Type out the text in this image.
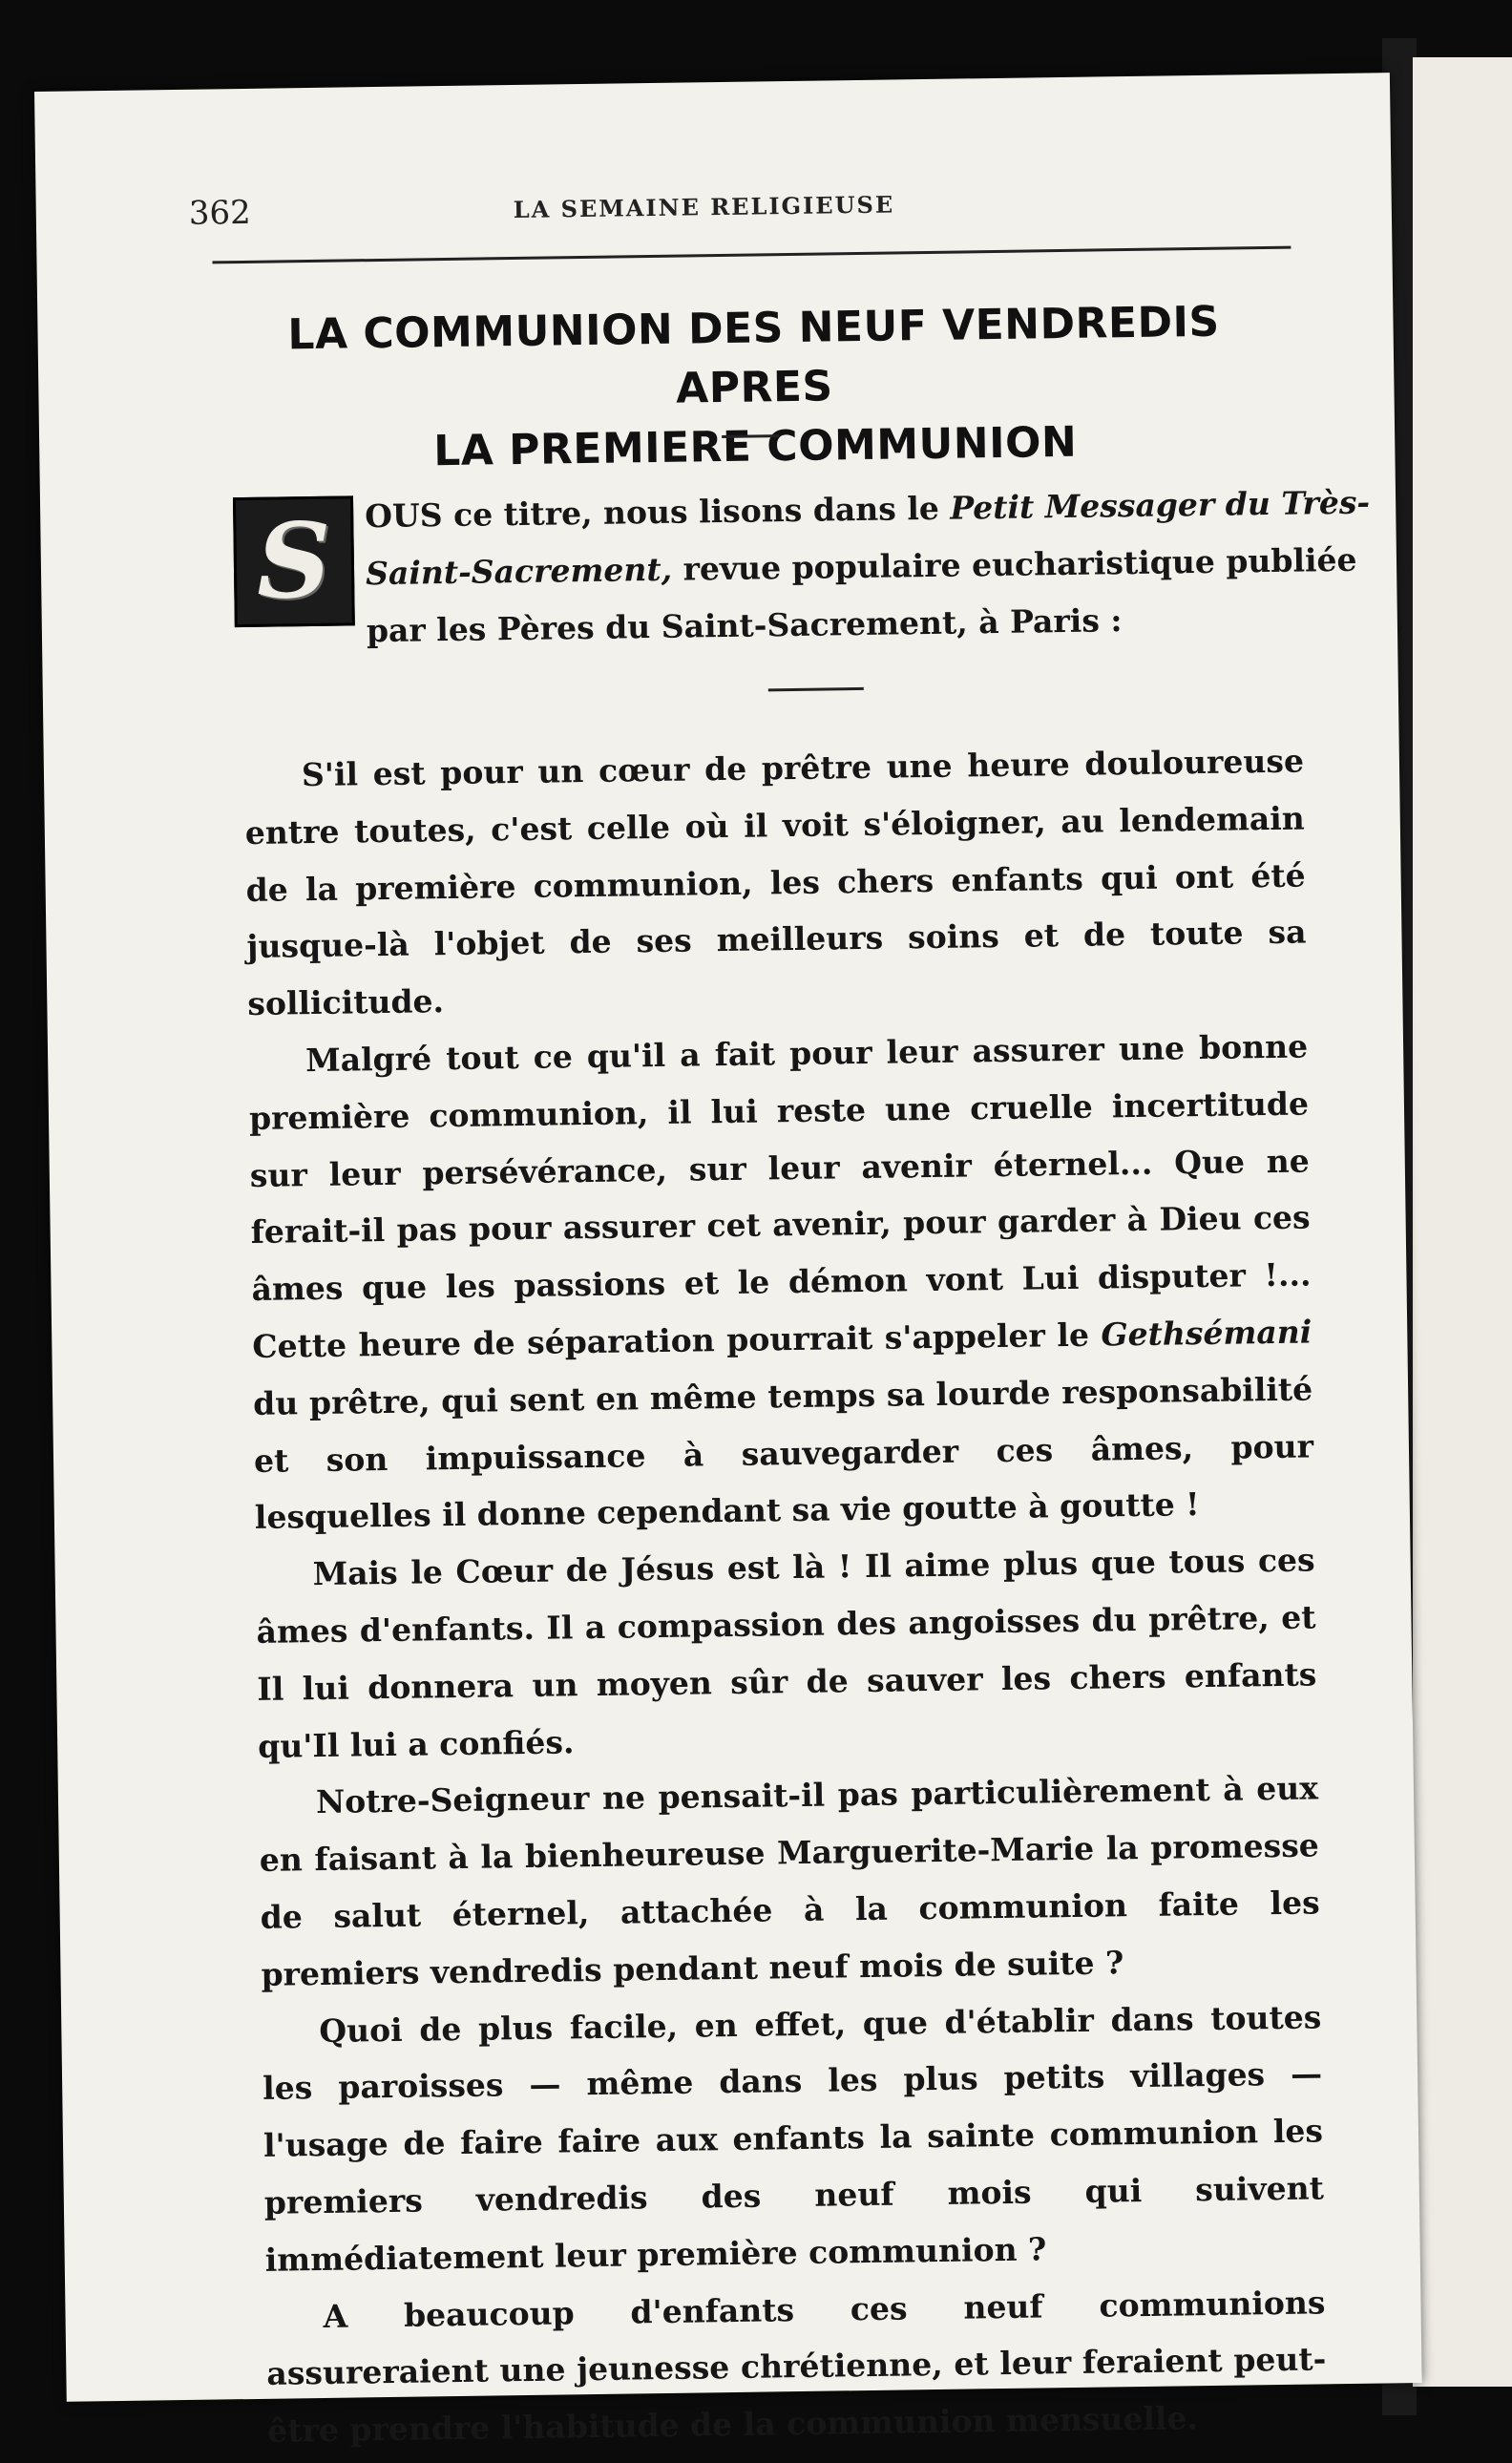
362	LA SEMAINE RELIGIEUSE
LA COMMUNION DES NEUF VENDREDIS APRES
LA PREMIERE COMMUNION
S OUS ce titre, nous lisons dans le Petit Messager du Très-
Saint-Sacrement, revue populaire eucharistique publiée
par les Pères du Saint-Sacrement, à Paris :

S'il est pour un cœur de prêtre une heure douloureuse entre toutes, c'est celle où il voit s'éloigner, au lendemain de la première communion, les chers enfants qui ont été jusque-là l'objet de ses meilleurs soins et de toute sa sollicitude.

Malgré tout ce qu'il a fait pour leur assurer une bonne première communion, il lui reste une cruelle incertitude sur leur persévérance, sur leur avenir éternel... Que ne ferait-il pas pour assurer cet avenir, pour garder à Dieu ces âmes que les passions et le démon vont Lui disputer !... Cette heure de séparation pourrait s'appeler le Gethsémani du prêtre, qui sent en même temps sa lourde responsabilité et son impuissance à sauvegarder ces âmes, pour lesquelles il donne cependant sa vie goutte à goutte !

Mais le Cœur de Jésus est là ! Il aime plus que tous ces âmes d'enfants. Il a compassion des angoisses du prêtre, et Il lui donnera un moyen sûr de sauver les chers enfants qu'Il lui a confiés.

Notre-Seigneur ne pensait-il pas particulièrement à eux en faisant à la bienheureuse Marguerite-Marie la promesse de salut éternel, attachée à la communion faite les premiers vendredis pendant neuf mois de suite ?

Quoi de plus facile, en effet, que d'établir dans toutes les paroisses — même dans les plus petits villages — l'usage de faire faire aux enfants la sainte communion les premiers vendredis des neuf mois qui suivent immédiatement leur première communion ?

A beaucoup d'enfants ces neuf communions assureraient une jeunesse chrétienne, et leur feraient peut-être prendre l'habitude de la communion mensuelle.
